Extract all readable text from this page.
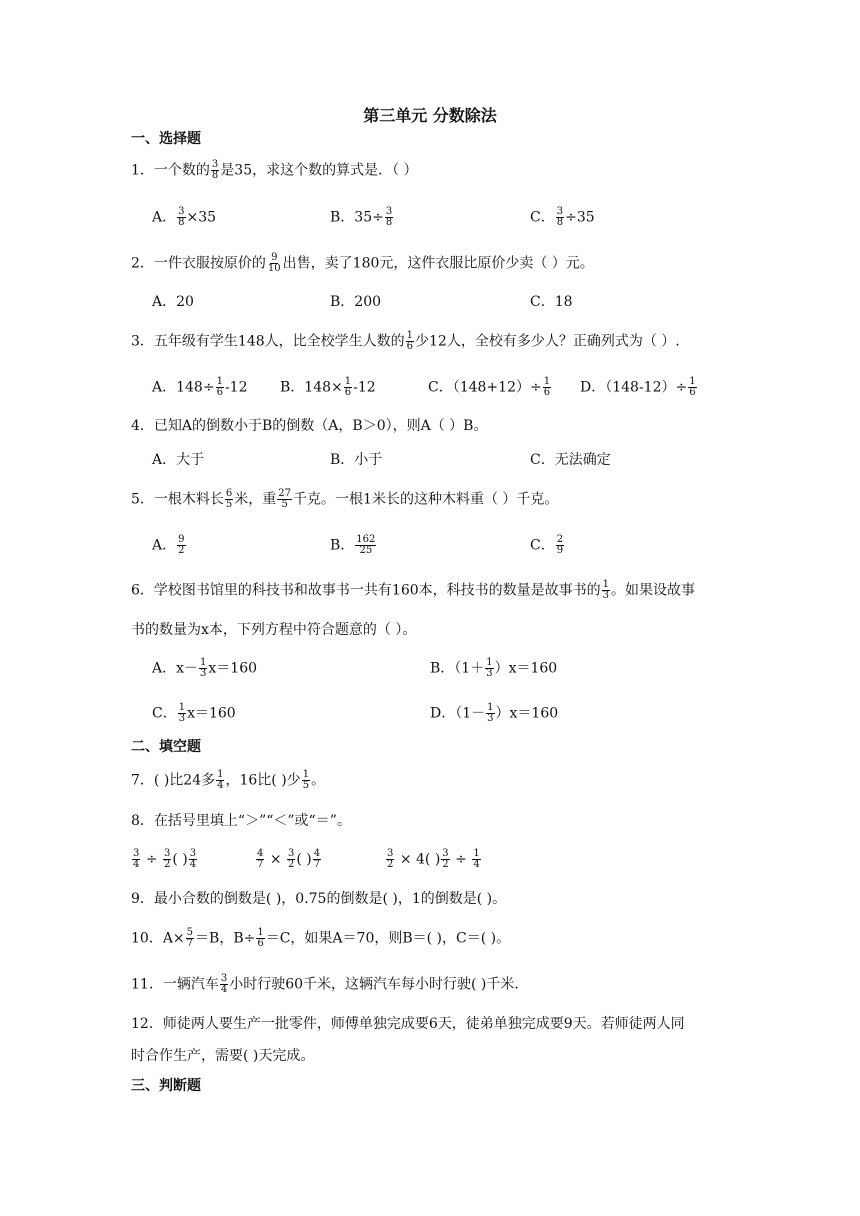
第三单元 分数除法
一、选择题
1．一个数的 $\frac{3}{8}$ 是35，求这个数的算式是．（ ）
A． $\frac{3}{8} \times 35$	B．$35\div \frac{3}{8}$	C． $\frac{3}{8} \div 35$
2．一件衣服按原价的 $\frac{9}{10}$ 出售，卖了180元，这件衣服比原价少卖（ ）元。
A．20	B．200	C．18
3．五年级有学生148人，比全校学生人数的 $\frac{1}{6}$ 少12人，全校有多少人？正确列式为（ ）.
A．$148\div \frac{1}{6} -12$ B．$148\times \frac{1}{6} -12$	C．$(148+12)\div \frac{1}{6}$ D．$(148-12)\div \frac{1}{6}$
4．已知A的倒数小于B的倒数（A，B＞0），则A（ ）B。
A．大于	B．小于	C．无法确定
5．一根木料长 $\frac{6}{5}$ 米，重 $\frac{27}{5}$ 千克。一根1米长的这种木料重（ ）千克。
A． $\frac{9}{2}$	B． $\frac{162}{25}$	C． $\frac{2}{9}$
6．学校图书馆里的科技书和故事书一共有160本，科技书的数量是故事书的 $\frac{1}{3}$ 。如果设故事
书的数量为x本，下列方程中符合题意的（ ）。
A．$x- \frac{1}{3} x=160$	B．$(1+ \frac{1}{3} )x=160$
C． $\frac{1}{3} x=160$	D．$(1- \frac{1}{3} )x=160$
二、填空题
7．( )比24多 $\frac{1}{4}$ ，16比( )少 $\frac{1}{5}$ 。
8．在括号里填上“＞”“＜”或“＝”。
$\frac{3}{4} \div \frac{3}{2}$ ( ) $\frac{3}{4}$	$\frac{4}{7} \times \frac{3}{2}$ ( ) $\frac{4}{7}$	$\frac{3}{2} \times 4$( ) $\frac{3}{2} \div \frac{1}{4}$
9．最小合数的倒数是( )，0.75的倒数是( )，1的倒数是( )。
10．$A\times \frac{5}{7} =B$，$B\div \frac{1}{6} =C$，如果A＝70，则B＝( )，C＝( )。
11．一辆汽车 $\frac{3}{4}$ 小时行驶60千米，这辆汽车每小时行驶( )千米．
12．师徒两人要生产一批零件，师傅单独完成要6天，徒弟单独完成要9天。若师徒两人同
时合作生产，需要( )天完成。
三、判断题
